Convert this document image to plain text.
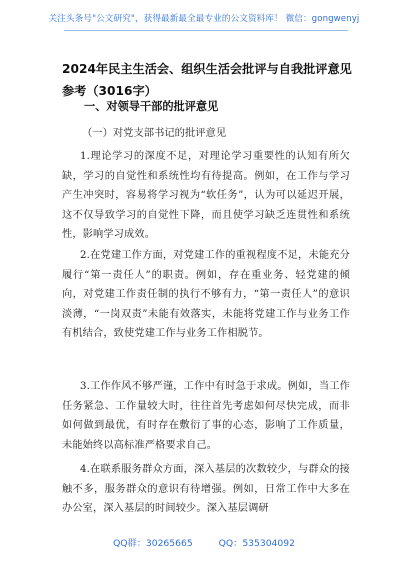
关注头条号"公文研究"，获得最新最全最专业的公文资料库！ 微信：gongwenyj
2024年民主生活会、组织生活会批评与自我批评意见参考（3016字）
一、对领导干部的批评意见
（一）对党支部书记的批评意见
1.理论学习的深度不足，对理论学习重要性的认知有所欠缺，学习的自觉性和系统性均有待提高。例如，在工作与学习产生冲突时，容易将学习视为“软任务”，认为可以延迟开展，这不仅导致学习的自觉性下降，而且使学习缺乏连贯性和系统性，影响学习成效。
2.在党建工作方面，对党建工作的重视程度不足，未能充分履行“第一责任人”的职责。例如，存在重业务、轻党建的倾向，对党建工作责任制的执行不够有力，“第一责任人”的意识淡薄，“一岗双责”未能有效落实，未能将党建工作与业务工作有机结合，致使党建工作与业务工作相脱节。
3.工作作风不够严谨，工作中有时急于求成。例如，当工作任务紧急、工作量较大时，往往首先考虑如何尽快完成，而非如何做到最优，有时存在敷衍了事的心态，影响了工作质量，未能始终以高标准严格要求自己。
4.在联系服务群众方面，深入基层的次数较少，与群众的接触不多，服务群众的意识有待增强。例如，日常工作中大多在办公室，深入基层的时间较少。深入基层调研
QQ群：30265665	QQ：535304092
